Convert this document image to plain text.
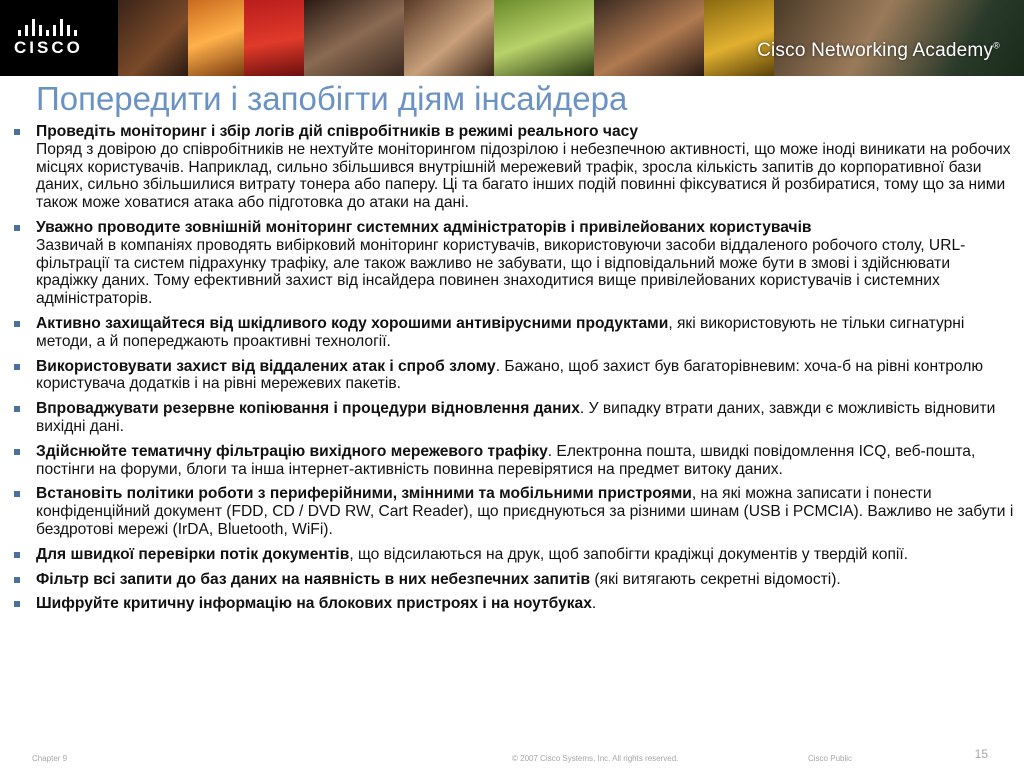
CISCO	Cisco Networking Academy®
Попередити і запобігти діям інсайдера
Проведіть моніторинг і збір логів дій співробітників в режимі реального часу
Поряд з довірою до співробітників не нехтуйте моніторингом підозрілою і небезпечною активності, що може іноді виникати на робочих місцях користувачів. Наприклад, сильно збільшився внутрішній мережевий трафік, зросла кількість запитів до корпоративної бази даних, сильно збільшилися витрату тонера або паперу. Ці та багато інших подій повинні фіксуватися й розбиратися, тому що за ними також може ховатися атака або підготовка до атаки на дані.
Уважно проводите зовнішній моніторинг системних адміністраторів і привілейованих користувачів
Зазвичай в компаніях проводять вибірковий моніторинг користувачів, використовуючи засоби віддаленого робочого столу, URL-фільтрації та систем підрахунку трафіку, але також важливо не забувати, що і відповідальний може бути в змові і здійснювати крадіжку даних. Тому ефективний захист від інсайдера повинен знаходитися вище привілейованих користувачів і системних адміністраторів.
Активно захищайтеся від шкідливого коду хорошими антивірусними продуктами, які використовують не тільки сигнатурні методи, а й попереджають проактивні технології.
Використовувати захист від віддалених атак і спроб злому. Бажано, щоб захист був багаторівневим: хоча-б на рівні контролю користувача додатків і на рівні мережевих пакетів.
Впроваджувати резервне копіювання і процедури відновлення даних. У випадку втрати даних, завжди є можливість відновити вихідні дані.
Здійснюйте тематичну фільтрацію вихідного мережевого трафіку. Електронна пошта, швидкі повідомлення ICQ, веб-пошта, постінги на форуми, блоги та інша інтернет-активність повинна перевірятися на предмет витоку даних.
Встановіть політики роботи з периферійними, змінними та мобільними пристроями, на які можна записати і понести конфіденційний документ (FDD, CD / DVD RW, Cart Reader), що приєднуються за різними шинам (USB і PCMCIA). Важливо не забути і бездротові мережі (IrDA, Bluetooth, WiFi).
Для швидкої перевірки потік документів, що відсилаються на друк, щоб запобігти крадіжці документів у твердій копії.
Фільтр всі запити до баз даних на наявність в них небезпечних запитів (які витягають секретні відомості).
Шифруйте критичну інформацію на блокових пристроях і на ноутбуках.
Chapter 9	© 2007 Cisco Systems, Inc. All rights reserved.	Cisco Public	15
